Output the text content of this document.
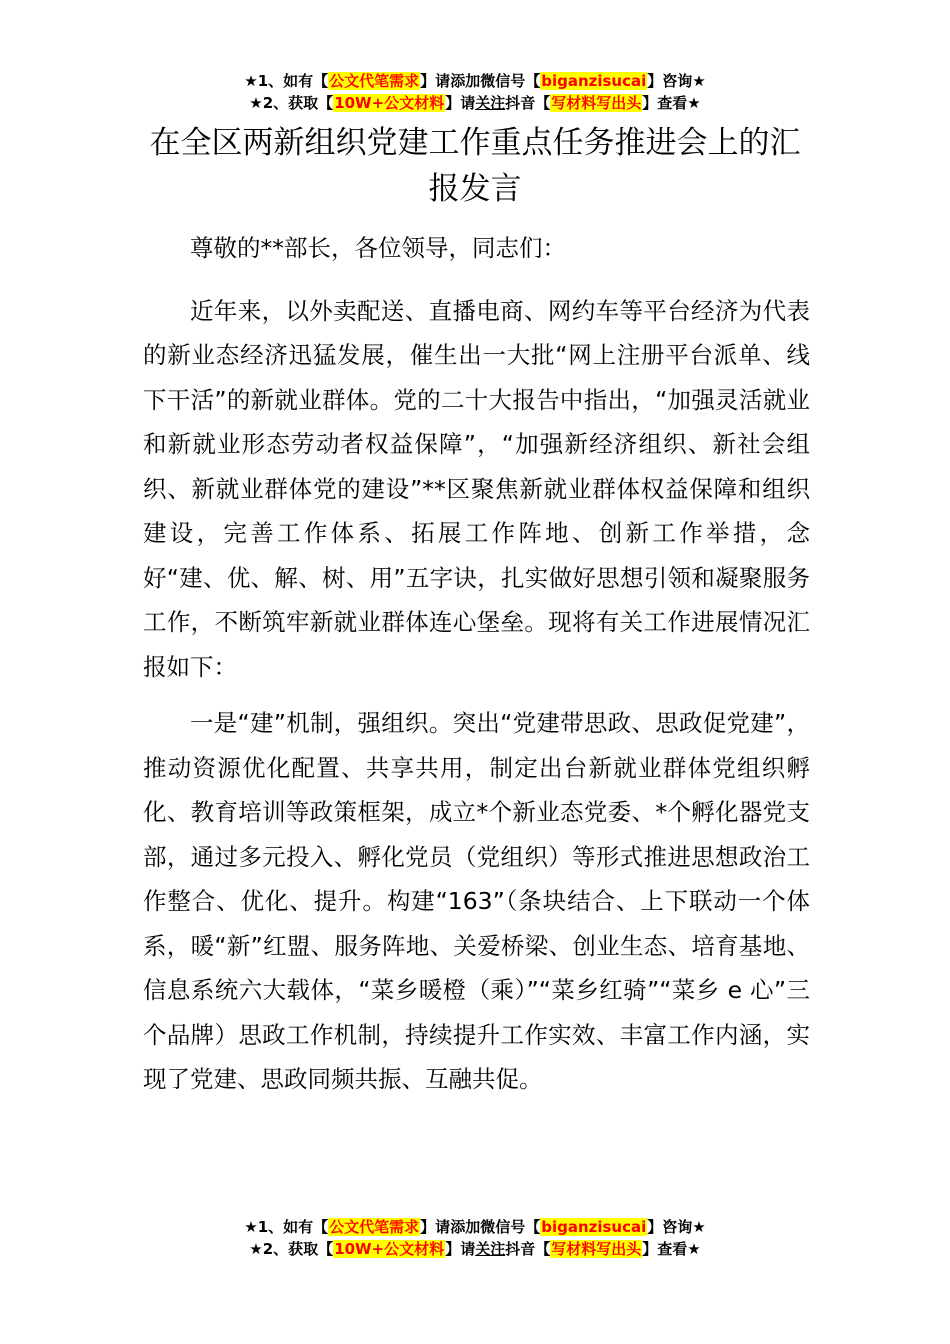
★1、如有【公文代笔需求】请添加微信号【biganzisucai】咨询★
★2、获取【10W+公文材料】请关注抖音【写材料写出头】查看★
在全区两新组织党建工作重点任务推进会上的汇报发言

尊敬的**部长，各位领导，同志们：

近年来，以外卖配送、直播电商、网约车等平台经济为代表的新业态经济迅猛发展，催生出一大批“网上注册平台派单、线下干活”的新就业群体。党的二十大报告中指出，“加强灵活就业和新就业形态劳动者权益保障”，“加强新经济组织、新社会组织、新就业群体党的建设”**区聚焦新就业群体权益保障和组织建设，完善工作体系、拓展工作阵地、创新工作举措，念好“建、优、解、树、用”五字诀，扎实做好思想引领和凝聚服务工作，不断筑牢新就业群体连心堡垒。现将有关工作进展情况汇报如下：

一是“建”机制，强组织。突出“党建带思政、思政促党建”，推动资源优化配置、共享共用，制定出台新就业群体党组织孵化、教育培训等政策框架，成立*个新业态党委、*个孵化器党支部，通过多元投入、孵化党员（党组织）等形式推进思想政治工作整合、优化、提升。构建“163”（条块结合、上下联动一个体系，暖“新”红盟、服务阵地、关爱桥梁、创业生态、培育基地、信息系统六大载体，“菜乡暖橙（乘）”“菜乡红骑”“菜乡 e 心”三个品牌）思政工作机制，持续提升工作实效、丰富工作内涵，实现了党建、思政同频共振、互融共促。

★1、如有【公文代笔需求】请添加微信号【biganzisucai】咨询★
★2、获取【10W+公文材料】请关注抖音【写材料写出头】查看★
